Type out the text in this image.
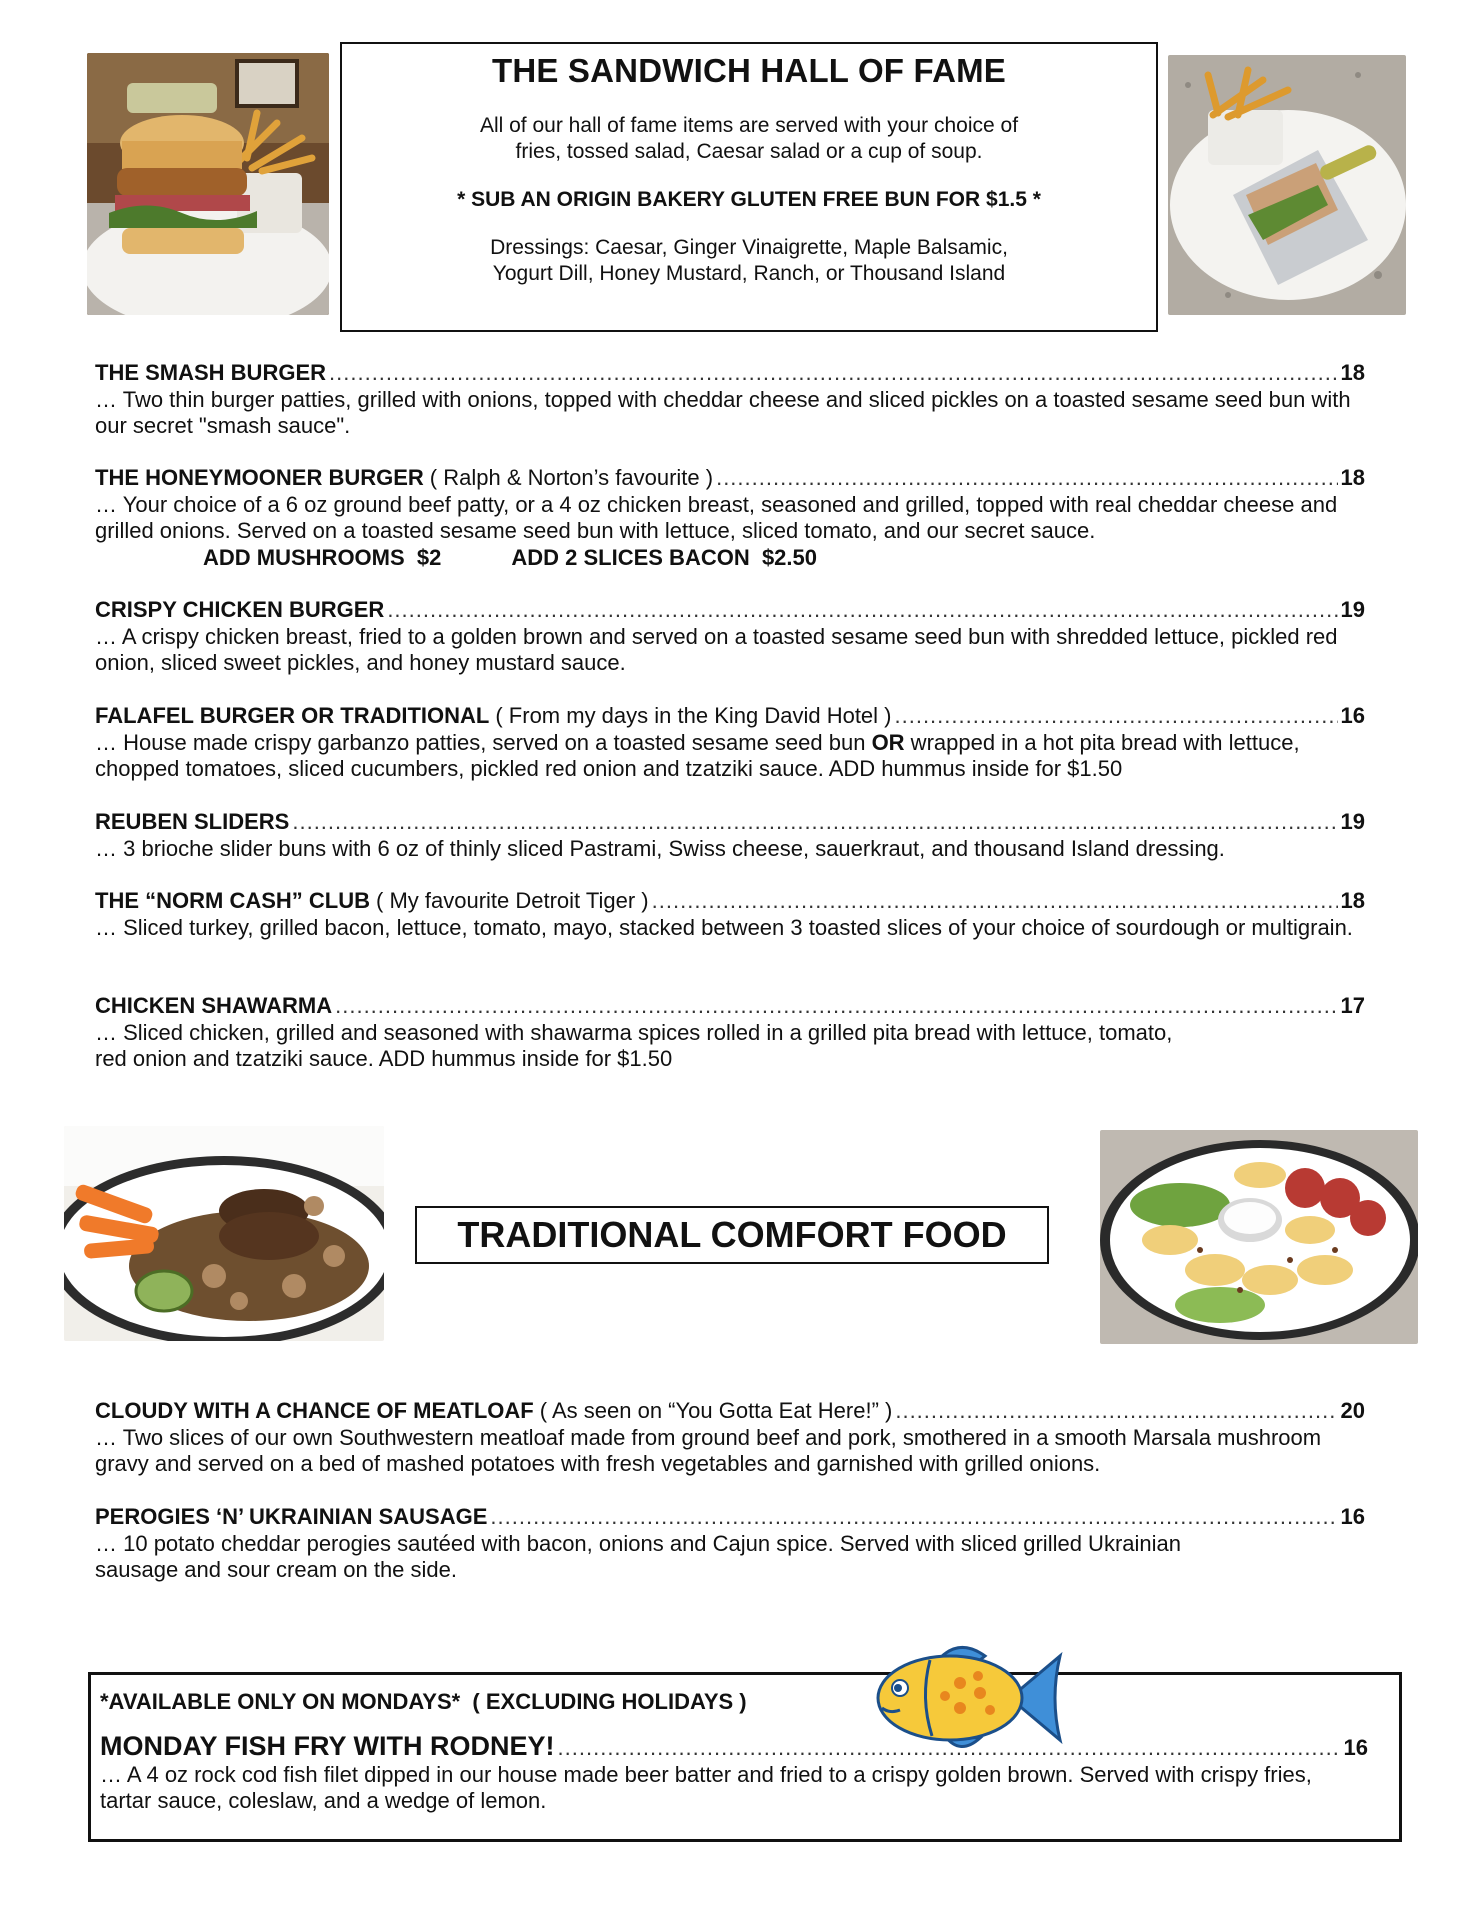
THE SANDWICH HALL OF FAME
All of our hall of fame items are served with your choice of
fries, tossed salad, Caesar salad or a cup of soup.
* SUB AN ORIGIN BAKERY GLUTEN FREE BUN FOR $1.5 *
Dressings: Caesar, Ginger Vinaigrette, Maple Balsamic,
Yogurt Dill, Honey Mustard, Ranch, or Thousand Island
THE SMASH BURGER .....	18
… Two thin burger patties, grilled with onions, topped with cheddar cheese and sliced pickles on a toasted sesame seed bun with our secret "smash sauce".
THE HONEYMOONER BURGER ( Ralph & Norton’s favourite ) .....	18
… Your choice of a 6 oz ground beef patty, or a 4 oz chicken breast, seasoned and grilled, topped with real cheddar cheese and grilled onions. Served on a toasted sesame seed bun with lettuce, sliced tomato, and our secret sauce.
ADD MUSHROOMS  $2	ADD 2 SLICES BACON  $2.50
CRISPY CHICKEN BURGER .....	19
… A crispy chicken breast, fried to a golden brown and served on a toasted sesame seed bun with shredded lettuce, pickled red onion, sliced sweet pickles, and honey mustard sauce.
FALAFEL BURGER OR TRADITIONAL ( From my days in the King David Hotel ) .....	16
… House made crispy garbanzo patties, served on a toasted sesame seed bun OR wrapped in a hot pita bread with lettuce, chopped tomatoes, sliced cucumbers, pickled red onion and tzatziki sauce. ADD hummus inside for $1.50
REUBEN SLIDERS .....	19
… 3 brioche slider buns with 6 oz of thinly sliced Pastrami, Swiss cheese, sauerkraut, and thousand Island dressing.
THE “NORM CASH” CLUB ( My favourite Detroit Tiger ) .....	18
… Sliced turkey, grilled bacon, lettuce, tomato, mayo, stacked between 3 toasted slices of your choice of sourdough or multigrain.
CHICKEN SHAWARMA .....	17
… Sliced chicken, grilled and seasoned with shawarma spices rolled in a grilled pita bread with lettuce, tomato,
red onion and tzatziki sauce. ADD hummus inside for $1.50
TRADITIONAL COMFORT FOOD
CLOUDY WITH A CHANCE OF MEATLOAF ( As seen on “You Gotta Eat Here!” ) .....	20
… Two slices of our own Southwestern meatloaf made from ground beef and pork, smothered in a smooth Marsala mushroom gravy and served on a bed of mashed potatoes with fresh vegetables and garnished with grilled onions.
PEROGIES ‘N’ UKRAINIAN SAUSAGE .....	16
… 10 potato cheddar perogies sautéed with bacon, onions and Cajun spice. Served with sliced grilled Ukrainian
sausage and sour cream on the side.
*AVAILABLE ONLY ON MONDAYS*  ( EXCLUDING HOLIDAYS )
MONDAY FISH FRY WITH RODNEY! .....	16
… A 4 oz rock cod fish filet dipped in our house made beer batter and fried to a crispy golden brown. Served with crispy fries, tartar sauce, coleslaw, and a wedge of lemon.
